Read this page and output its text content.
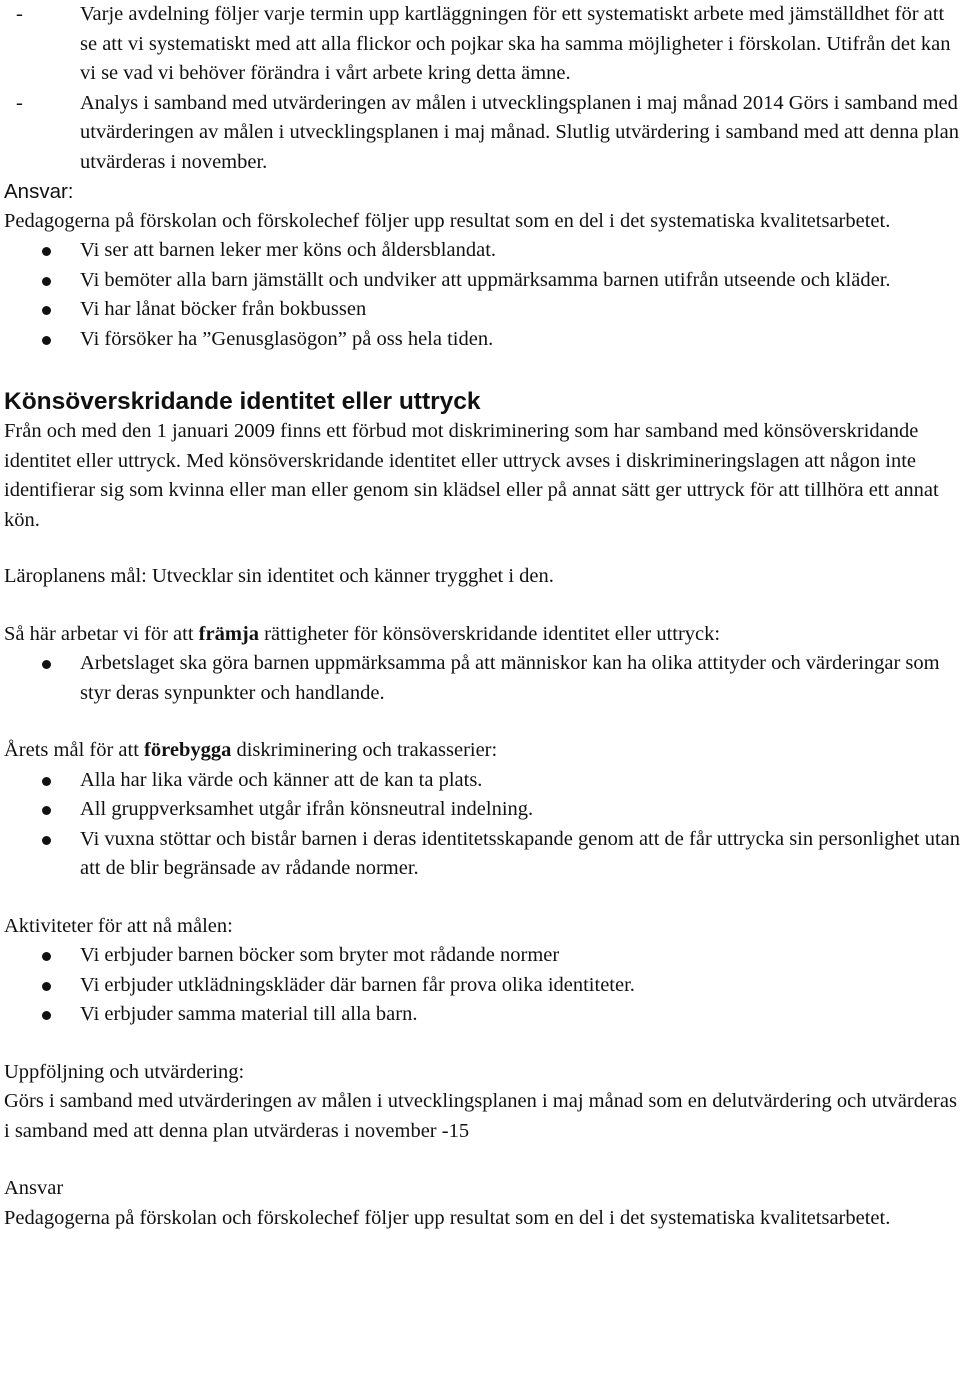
-	Varje avdelning följer varje termin upp kartläggningen för ett systematiskt arbete med jämställdhet för att se att vi systematiskt med att alla flickor och pojkar ska ha samma möjligheter i förskolan. Utifrån det kan vi se vad vi behöver förändra i vårt arbete kring detta ämne.
-	Analys i samband med utvärderingen av målen i utvecklingsplanen i maj månad 2014 Görs i samband med utvärderingen av målen i utvecklingsplanen i maj månad. Slutlig utvärdering i samband med att denna plan utvärderas i november.

Ansvar:

Pedagogerna på förskolan och förskolechef följer upp resultat som en del i det systematiska kvalitetsarbetet.

Vi ser att barnen leker mer köns och åldersblandat.
Vi bemöter alla barn jämställt och undviker att uppmärksamma barnen utifrån utseende och kläder.
Vi har lånat böcker från bokbussen
Vi försöker ha ”Genusglasögon” på oss hela tiden.
Könsöverskridande identitet eller uttryck

Från och med den 1 januari 2009 finns ett förbud mot diskriminering som har samband med könsöverskridande identitet eller uttryck. Med könsöverskridande identitet eller uttryck avses i diskrimineringslagen att någon inte identifierar sig som kvinna eller man eller genom sin klädsel eller på annat sätt ger uttryck för att tillhöra ett annat kön.

Läroplanens mål: Utvecklar sin identitet och känner trygghet i den.

Så här arbetar vi för att främja rättigheter för könsöverskridande identitet eller uttryck:

Arbetslaget ska göra barnen uppmärksamma på att människor kan ha olika attityder och värderingar som styr deras synpunkter och handlande.

Årets mål för att förebygga diskriminering och trakasserier:

Alla har lika värde och känner att de kan ta plats.
All gruppverksamhet utgår ifrån könsneutral indelning.
Vi vuxna stöttar och bistår barnen i deras identitetsskapande genom att de får uttrycka sin personlighet utan att de blir begränsade av rådande normer.

Aktiviteter för att nå målen:

Vi erbjuder barnen böcker som bryter mot rådande normer
Vi erbjuder utklädningskläder där barnen får prova olika identiteter.
Vi erbjuder samma material till alla barn.

Uppföljning och utvärdering:

Görs i samband med utvärderingen av målen i utvecklingsplanen i maj månad som en delutvärdering och utvärderas i samband med att denna plan utvärderas i november -15

Ansvar

Pedagogerna på förskolan och förskolechef följer upp resultat som en del i det systematiska kvalitetsarbetet.
